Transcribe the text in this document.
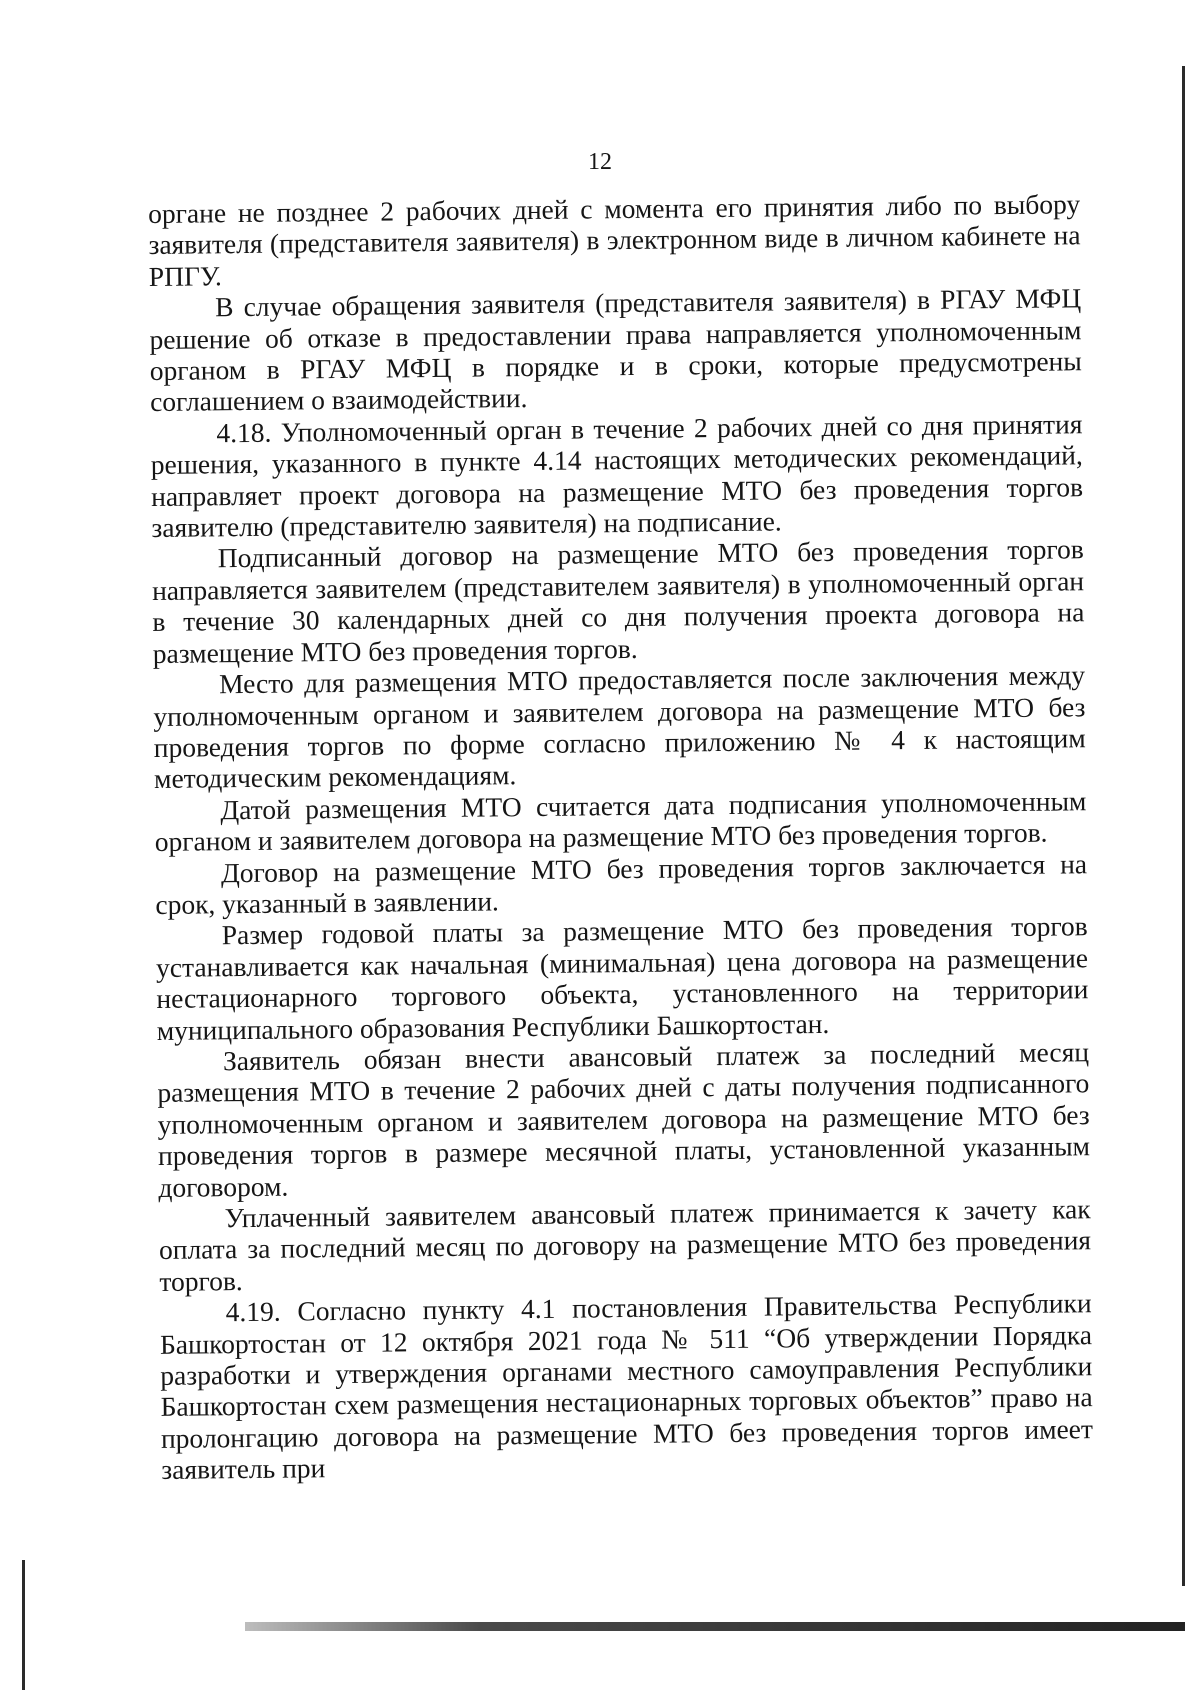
12

органе не позднее 2 рабочих дней с момента его принятия либо по выбору заявителя (представителя заявителя) в электронном виде в личном кабинете на РПГУ.

В случае обращения заявителя (представителя заявителя) в РГАУ МФЦ решение об отказе в предоставлении права направляется уполномоченным органом в РГАУ МФЦ в порядке и в сроки, которые предусмотрены соглашением о взаимодействии.

4.18. Уполномоченный орган в течение 2 рабочих дней со дня принятия решения, указанного в пункте 4.14 настоящих методических рекомендаций, направляет проект договора на размещение МТО без проведения торгов заявителю (представителю заявителя) на подписание.

Подписанный договор на размещение МТО без проведения торгов направляется заявителем (представителем заявителя) в уполномоченный орган в течение 30 календарных дней со дня получения проекта договора на размещение МТО без проведения торгов.

Место для размещения МТО предоставляется после заключения между уполномоченным органом и заявителем договора на размещение МТО без проведения торгов по форме согласно приложению № 4 к настоящим методическим рекомендациям.

Датой размещения МТО считается дата подписания уполномоченным органом и заявителем договора на размещение МТО без проведения торгов.

Договор на размещение МТО без проведения торгов заключается на срок, указанный в заявлении.

Размер годовой платы за размещение МТО без проведения торгов устанавливается как начальная (минимальная) цена договора на размещение нестационарного торгового объекта, установленного на территории муниципального образования Республики Башкортостан.

Заявитель обязан внести авансовый платеж за последний месяц размещения МТО в течение 2 рабочих дней с даты получения подписанного уполномоченным органом и заявителем договора на размещение МТО без проведения торгов в размере месячной платы, установленной указанным договором.

Уплаченный заявителем авансовый платеж принимается к зачету как оплата за последний месяц по договору на размещение МТО без проведения торгов.

4.19. Согласно пункту 4.1 постановления Правительства Республики Башкортостан от 12 октября 2021 года № 511 “Об утверждении Порядка разработки и утверждения органами местного самоуправления Республики Башкортостан схем размещения нестационарных торговых объектов” право на пролонгацию договора на размещение МТО без проведения торгов имеет заявитель при
